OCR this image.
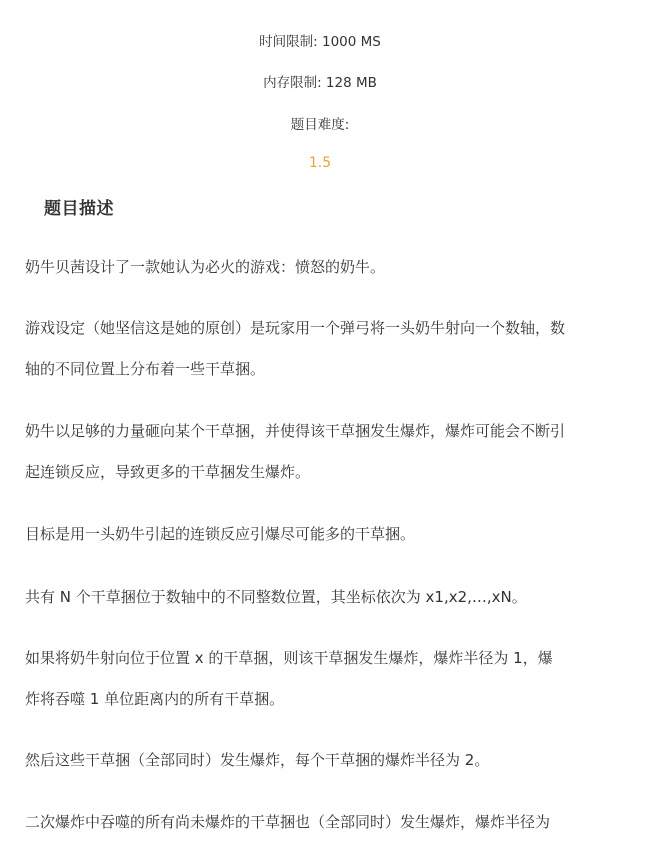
时间限制: 1000 MS
内存限制: 128 MB
题目难度:
1.5
题目描述

奶牛贝茜设计了一款她认为必火的游戏：愤怒的奶牛。

游戏设定（她坚信这是她的原创）是玩家用一个弹弓将一头奶牛射向一个数轴，数
轴的不同位置上分布着一些干草捆。

奶牛以足够的力量砸向某个干草捆，并使得该干草捆发生爆炸，爆炸可能会不断引
起连锁反应，导致更多的干草捆发生爆炸。

目标是用一头奶牛引起的连锁反应引爆尽可能多的干草捆。

共有 N 个干草捆位于数轴中的不同整数位置，其坐标依次为 x1,x2,…,xN。

如果将奶牛射向位于位置 x 的干草捆，则该干草捆发生爆炸，爆炸半径为 1，爆
炸将吞噬 1 单位距离内的所有干草捆。

然后这些干草捆（全部同时）发生爆炸，每个干草捆的爆炸半径为 2。

二次爆炸中吞噬的所有尚未爆炸的干草捆也（全部同时）发生爆炸，爆炸半径为
